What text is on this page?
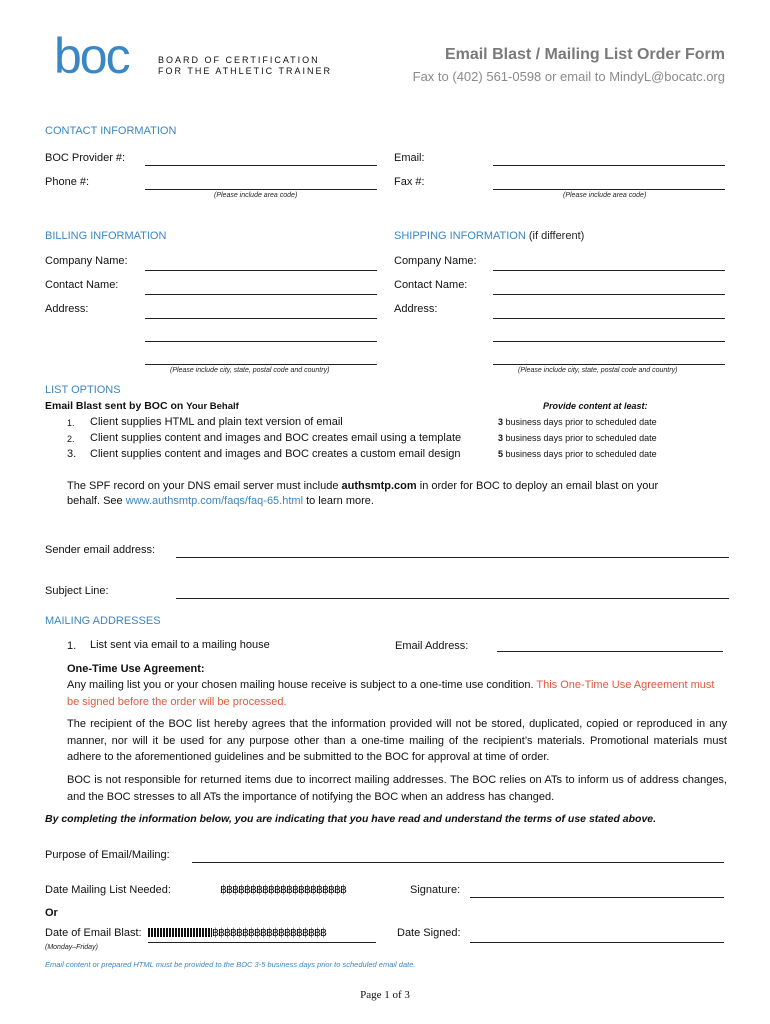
boc	BOARD OF CERTIFICATION
FOR THE ATHLETIC TRAINER
Email Blast / Mailing List Order Form
Fax to (402) 561-0598 or email to MindyL@bocatc.org
CONTACT INFORMATION
BOC Provider #:	Email:
Phone #:	Fax #:
(Please include area code)	(Please include area code)
BILLING INFORMATION
Company Name:
Contact Name:
Address:
(Please include city, state, postal code and country)
SHIPPING INFORMATION (if different)
Company Name:
Contact Name:
Address:
(Please include city, state, postal code and country)
LIST OPTIONS
Email Blast sent by BOC on Your Behalf	Provide content at least:
1. Client supplies HTML and plain text version of email	3 business days prior to scheduled date
2. Client supplies content and images and BOC creates email using a template	3 business days prior to scheduled date
3. Client supplies content and images and BOC creates a custom email design	5 business days prior to scheduled date
The SPF record on your DNS email server must include authsmtp.com in order for BOC to deploy an email blast on your
behalf. See www.authsmtp.com/faqs/faq-65.html to learn more.
Sender email address:
Subject Line:
MAILING ADDRESSES
1. List sent via email to a mailing house	Email Address:
One-Time Use Agreement:
Any mailing list you or your chosen mailing house receive is subject to a one-time use condition. This One-Time Use Agreement must be signed before the order will be processed.
The recipient of the BOC list hereby agrees that the information provided will not be stored, duplicated, copied or reproduced in any manner, nor will it be used for any purpose other than a one-time mailing of the recipient’s materials. Promotional materials must adhere to the aforementioned guidelines and be submitted to the BOC for approval at time of order.
BOC is not responsible for returned items due to incorrect mailing addresses. The BOC relies on ATs to inform us of address changes, and the BOC stresses to all ATs the importance of notifying the BOC when an address has changed.
By completing the information below, you are indicating that you have read and understand the terms of use stated above.
Purpose of Email/Mailing:
Date Mailing List Needed:	฿฿฿฿฿฿฿฿฿฿฿฿฿฿฿฿฿฿฿฿฿	Signature:
Or
Date of Email Blast:	฿฿฿฿฿฿฿฿฿฿฿฿฿฿฿฿฿฿฿	Date Signed:
(Monday–Friday)
Email content or prepared HTML must be provided to the BOC 3-5 business days prior to scheduled email date.
Page 1 of 3
